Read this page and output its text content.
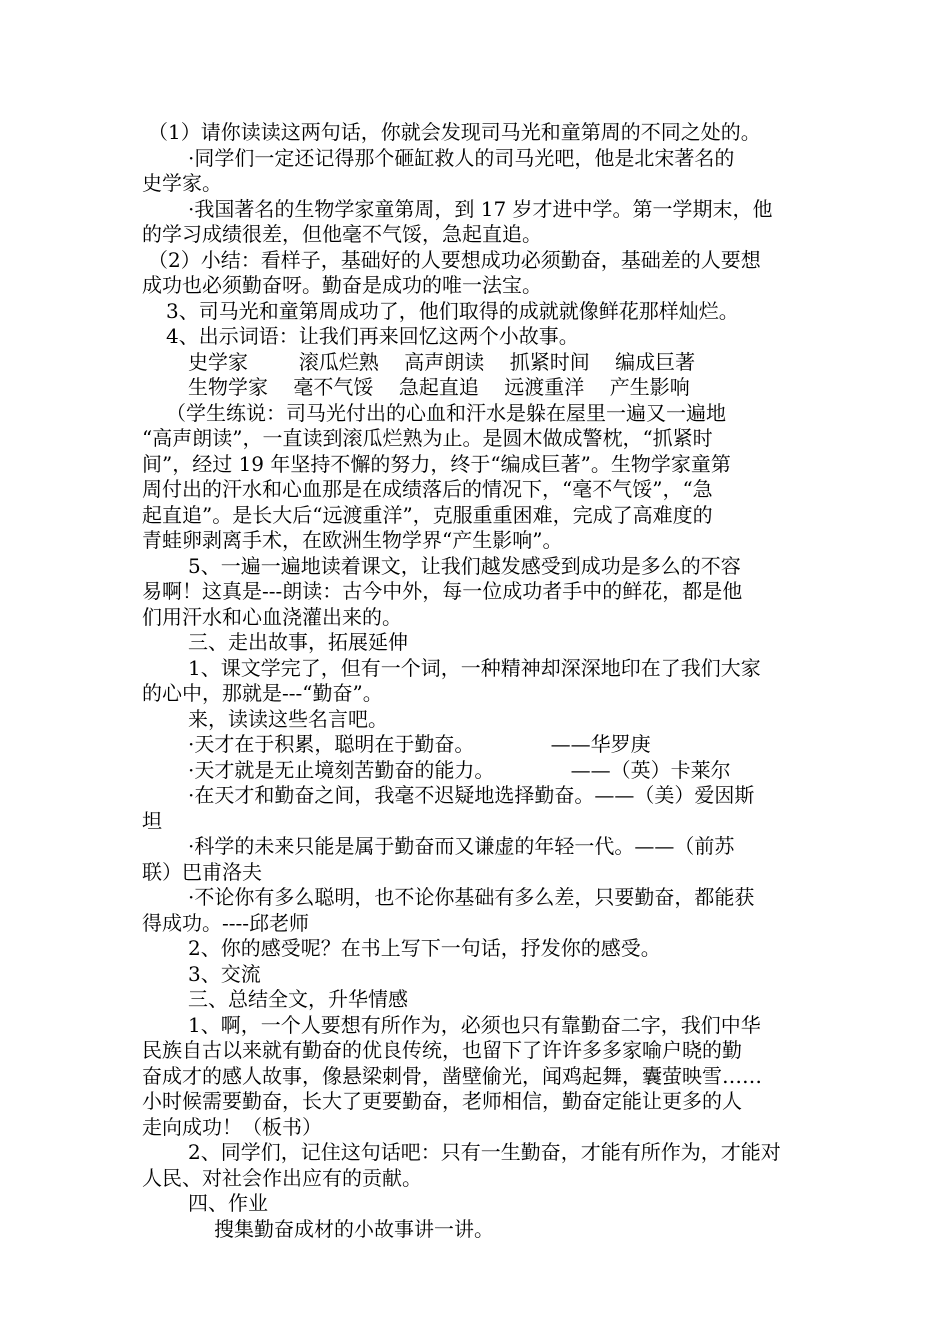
（1）请你读读这两句话，你就会发现司马光和童第周的不同之处的。
·同学们一定还记得那个砸缸救人的司马光吧，他是北宋著名的
史学家。
·我国著名的生物学家童第周，到 17 岁才进中学。第一学期末，他
的学习成绩很差，但他毫不气馁，急起直追。
（2）小结：看样子，基础好的人要想成功必须勤奋，基础差的人要想
成功也必须勤奋呀。勤奋是成功的唯一法宝。
3、司马光和童第周成功了，他们取得的成就就像鲜花那样灿烂。
4、出示词语：让我们再来回忆这两个小故事。
史学家        滚瓜烂熟    高声朗读    抓紧时间    编成巨著
生物学家    毫不气馁    急起直追    远渡重洋    产生影响
（学生练说：司马光付出的心血和汗水是躲在屋里一遍又一遍地
“高声朗读”，一直读到滚瓜烂熟为止。是圆木做成警枕，“抓紧时
间”，经过 19 年坚持不懈的努力，终于“编成巨著”。生物学家童第
周付出的汗水和心血那是在成绩落后的情况下，“毫不气馁”，“急
起直追”。是长大后“远渡重洋”，克服重重困难，完成了高难度的
青蛙卵剥离手术，在欧洲生物学界“产生影响”。
5、一遍一遍地读着课文，让我们越发感受到成功是多么的不容
易啊！这真是---朗读：古今中外，每一位成功者手中的鲜花，都是他
们用汗水和心血浇灌出来的。
三、走出故事，拓展延伸
1、课文学完了，但有一个词，一种精神却深深地印在了我们大家
的心中，那就是---“勤奋”。
来，读读这些名言吧。
·天才在于积累，聪明在于勤奋。            ——华罗庚
·天才就是无止境刻苦勤奋的能力。            ——（英）卡莱尔
·在天才和勤奋之间，我毫不迟疑地选择勤奋。——（美）爱因斯
坦
·科学的未来只能是属于勤奋而又谦虚的年轻一代。——（前苏
联）巴甫洛夫
·不论你有多么聪明，也不论你基础有多么差，只要勤奋，都能获
得成功。----邱老师
2、你的感受呢？在书上写下一句话，抒发你的感受。
3、交流
三、总结全文，升华情感
1、啊，一个人要想有所作为，必须也只有靠勤奋二字，我们中华
民族自古以来就有勤奋的优良传统，也留下了许许多多家喻户晓的勤
奋成才的感人故事，像悬梁刺骨，凿壁偷光，闻鸡起舞，囊萤映雪……
小时候需要勤奋，长大了更要勤奋，老师相信，勤奋定能让更多的人
走向成功！（板书）
2、同学们，记住这句话吧：只有一生勤奋，才能有所作为，才能对
人民、对社会作出应有的贡献。
四、作业
搜集勤奋成材的小故事讲一讲。
